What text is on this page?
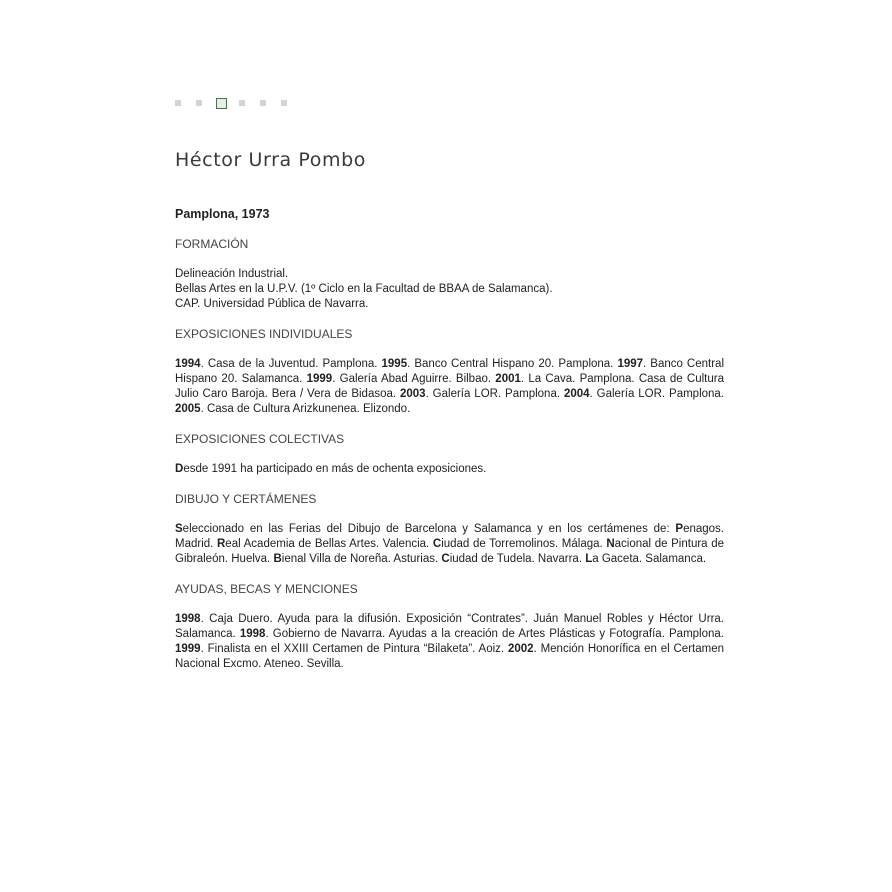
Héctor Urra Pombo
Pamplona, 1973
FORMACIÓN
Delineación Industrial.
Bellas Artes en la U.P.V. (1º Ciclo en la Facultad de BBAA de Salamanca).
CAP. Universidad Pública de Navarra.
EXPOSICIONES INDIVIDUALES
1994. Casa de la Juventud. Pamplona. 1995. Banco Central Hispano 20. Pamplona. 1997. Banco Central Hispano 20. Salamanca. 1999. Galería Abad Aguirre. Bilbao. 2001. La Cava. Pamplona. Casa de Cultura Julio Caro Baroja. Bera / Vera de Bidasoa. 2003. Galería LOR. Pamplona. 2004. Galería LOR. Pamplona. 2005. Casa de Cultura Arizkunenea. Elizondo.
EXPOSICIONES COLECTIVAS
Desde 1991 ha participado en más de ochenta exposiciones.
DIBUJO Y CERTÁMENES
Seleccionado en las Ferias del Dibujo de Barcelona y Salamanca y en los certámenes de: Penagos. Madrid. Real Academia de Bellas Artes. Valencia. Ciudad de Torremolinos. Málaga. Nacional de Pintura de Gibraleón. Huelva. Bienal Villa de Noreña. Asturias. Ciudad de Tudela. Navarra. La Gaceta. Salamanca.
AYUDAS, BECAS Y MENCIONES
1998. Caja Duero. Ayuda para la difusión. Exposición “Contrates”. Juán Manuel Robles y Héctor Urra. Salamanca. 1998. Gobierno de Navarra. Ayudas a la creación de Artes Plásticas y Fotografía. Pamplona. 1999. Finalista en el XXIII Certamen de Pintura “Bilaketa”. Aoiz. 2002. Mención Honorífica en el Certamen Nacional Excmo. Ateneo. Sevilla.
